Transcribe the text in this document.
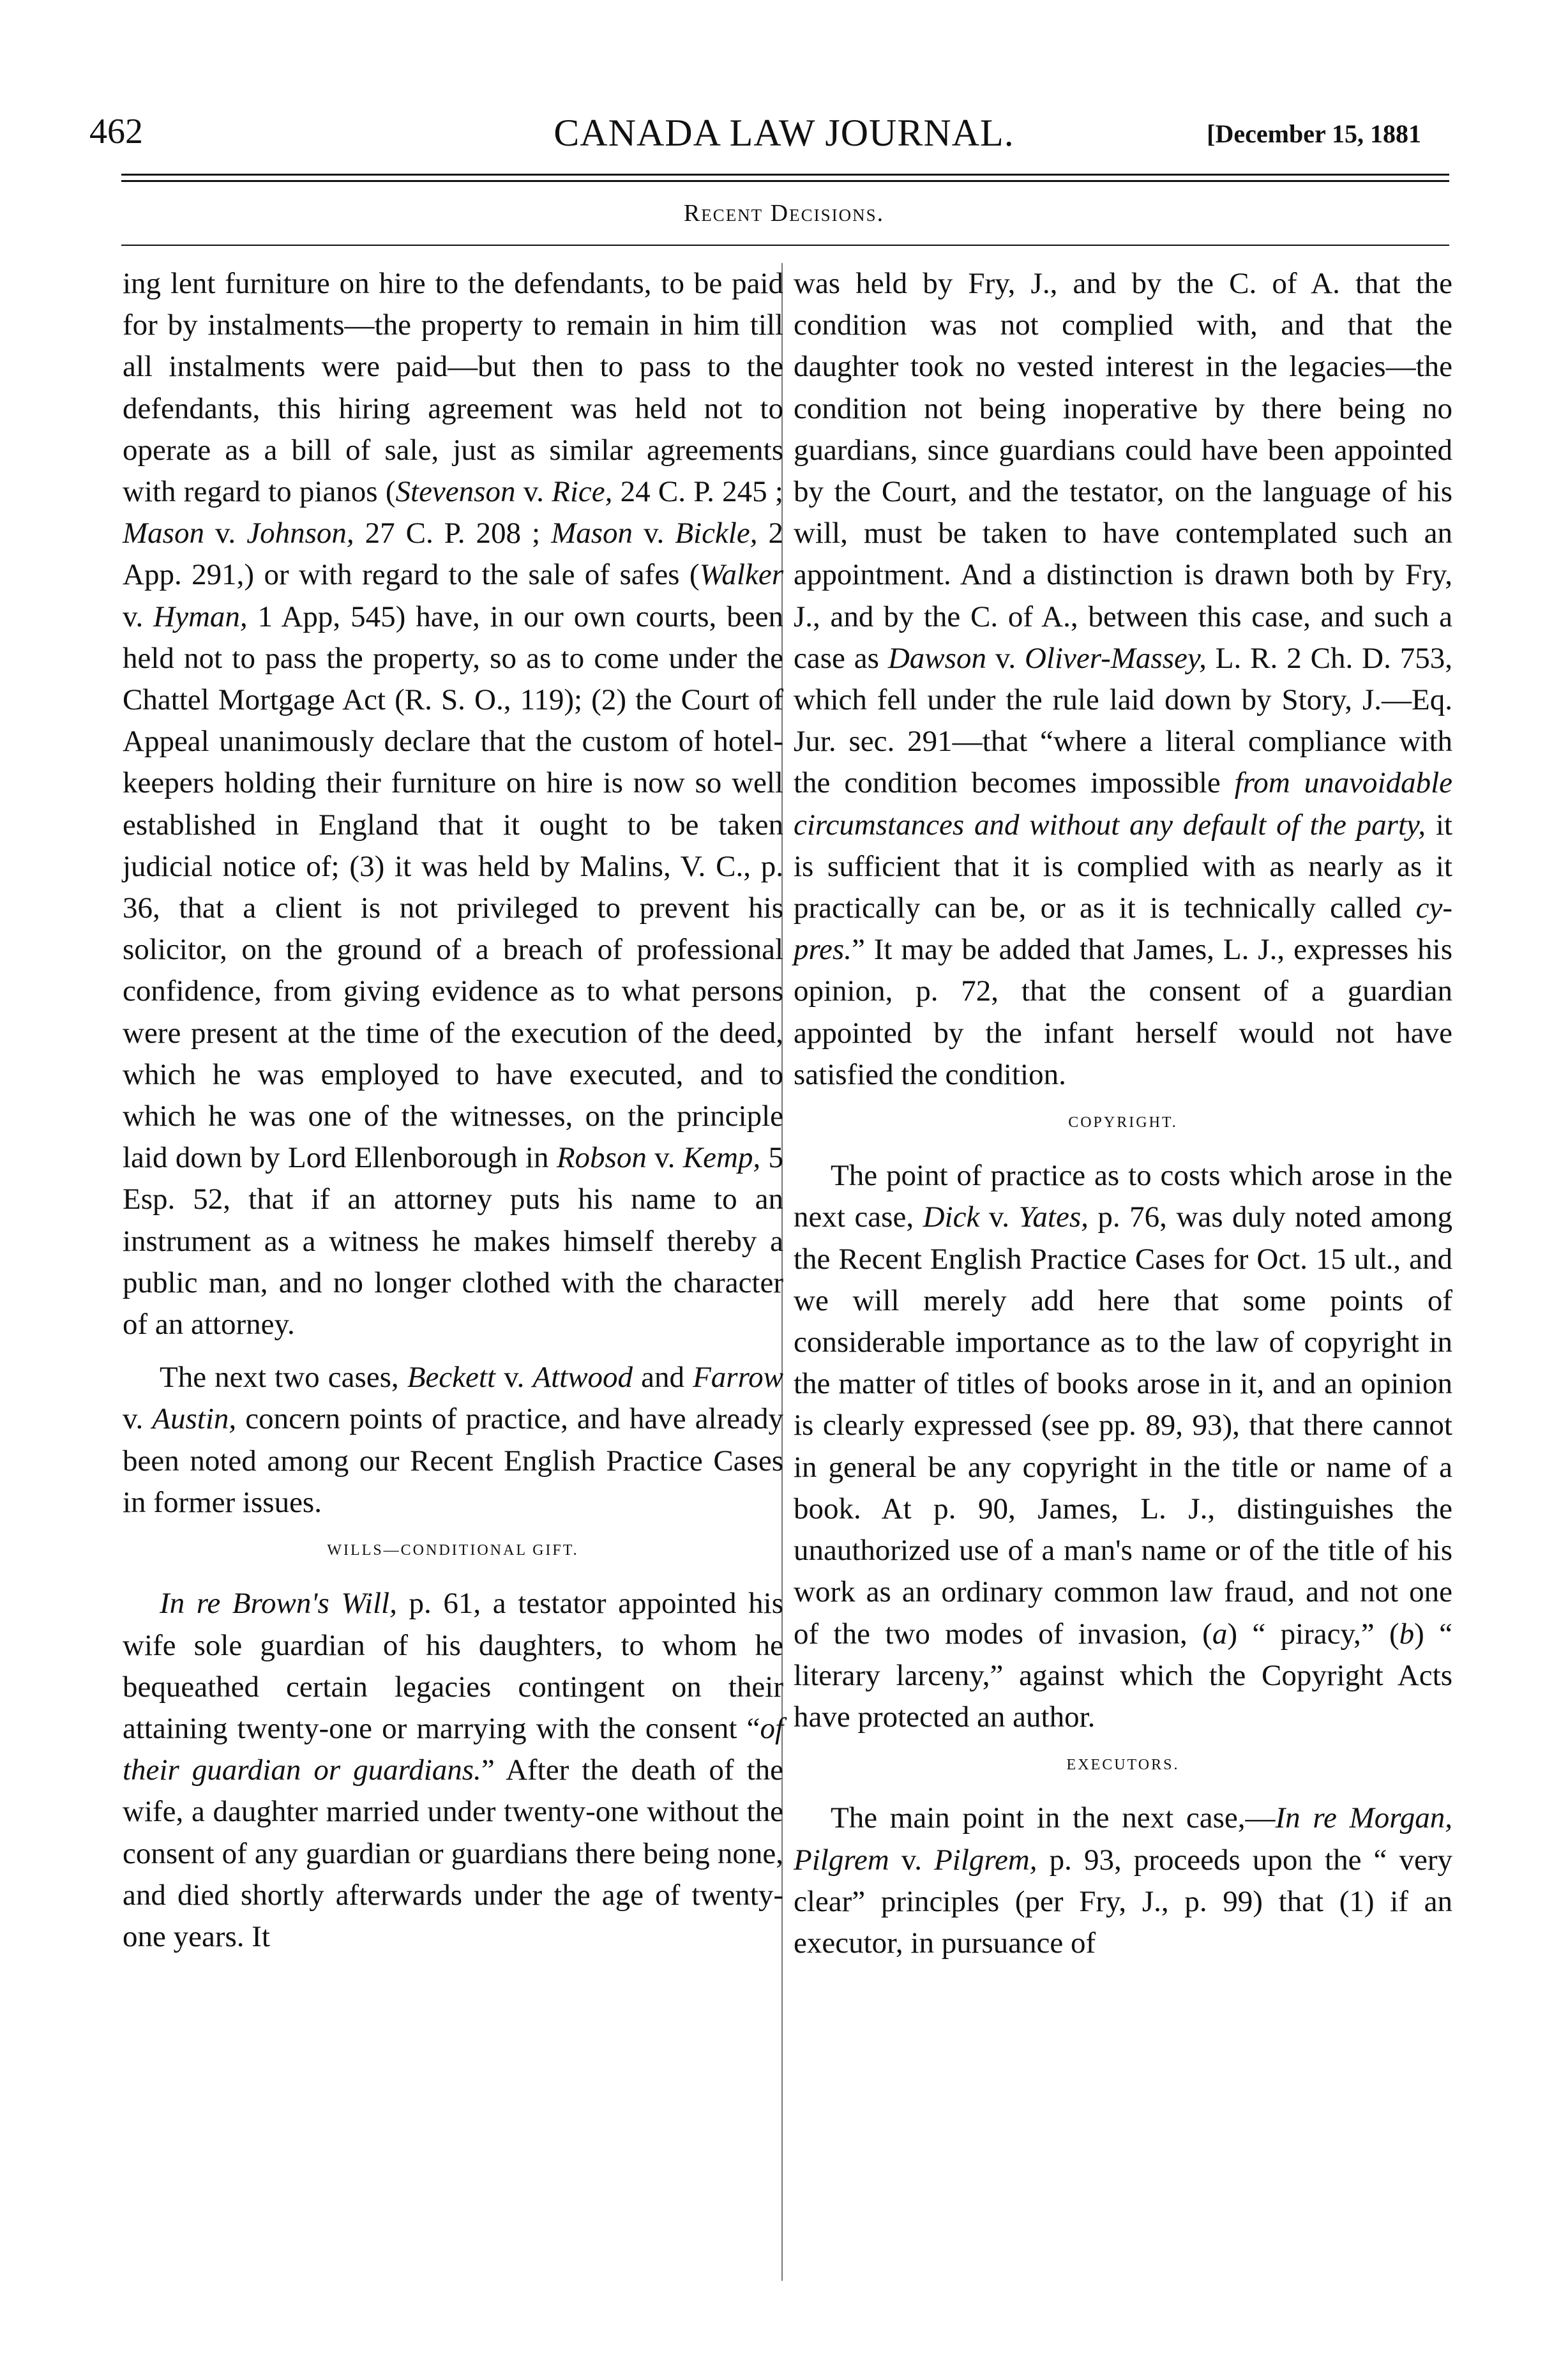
462	CANADA LAW JOURNAL.	[December 15, 1881
Recent Decisions.

ing lent furniture on hire to the defendants, to be paid for by instalments—the property to remain in him till all instalments were paid—but then to pass to the defendants, this hiring agreement was held not to operate as a bill of sale, just as similar agreements with regard to pianos (Stevenson v. Rice, 24 C. P. 245 ; Mason v. Johnson, 27 C. P. 208 ; Mason v. Bickle, 2 App. 291,) or with regard to the sale of safes (Walker v. Hyman, 1 App, 545) have, in our own courts, been held not to pass the property, so as to come under the Chattel Mortgage Act (R. S. O., 119); (2) the Court of Appeal unanimously declare that the custom of hotel-keepers holding their furniture on hire is now so well established in England that it ought to be taken judicial notice of; (3) it was held by Malins, V. C., p. 36, that a client is not privileged to prevent his solicitor, on the ground of a breach of professional confidence, from giving evidence as to what persons were present at the time of the execution of the deed, which he was employed to have executed, and to which he was one of the witnesses, on the principle laid down by Lord Ellenborough in Robson v. Kemp, 5 Esp. 52, that if an attorney puts his name to an instrument as a witness he makes himself thereby a public man, and no longer clothed with the character of an attorney.

The next two cases, Beckett v. Attwood and Farrow v. Austin, concern points of practice, and have already been noted among our Recent English Practice Cases in former issues.

WILLS—CONDITIONAL GIFT.

In re Brown's Will, p. 61, a testator appointed his wife sole guardian of his daughters, to whom he bequeathed certain legacies contingent on their attaining twenty-one or marrying with the consent “of their guardian or guardians.” After the death of the wife, a daughter married under twenty-one without the consent of any guardian or guardians there being none, and died shortly afterwards under the age of twenty-one years. It

was held by Fry, J., and by the C. of A. that the condition was not complied with, and that the daughter took no vested interest in the legacies—the condition not being inoperative by there being no guardians, since guardians could have been appointed by the Court, and the testator, on the language of his will, must be taken to have contemplated such an appointment. And a distinction is drawn both by Fry, J., and by the C. of A., between this case, and such a case as Dawson v. Oliver-Massey, L. R. 2 Ch. D. 753, which fell under the rule laid down by Story, J.—Eq. Jur. sec. 291—that “where a literal compliance with the condition becomes impossible from unavoidable circumstances and without any default of the party, it is sufficient that it is complied with as nearly as it practically can be, or as it is technically called cy-pres.” It may be added that James, L. J., expresses his opinion, p. 72, that the consent of a guardian appointed by the infant herself would not have satisfied the condition.

COPYRIGHT.

The point of practice as to costs which arose in the next case, Dick v. Yates, p. 76, was duly noted among the Recent English Practice Cases for Oct. 15 ult., and we will merely add here that some points of considerable importance as to the law of copyright in the matter of titles of books arose in it, and an opinion is clearly expressed (see pp. 89, 93), that there cannot in general be any copyright in the title or name of a book. At p. 90, James, L. J., distinguishes the unauthorized use of a man's name or of the title of his work as an ordinary common law fraud, and not one of the two modes of invasion, (a) “ piracy,” (b) “ literary larceny,” against which the Copyright Acts have protected an author.

EXECUTORS.

The main point in the next case,—In re Morgan, Pilgrem v. Pilgrem, p. 93, proceeds upon the “ very clear” principles (per Fry, J., p. 99) that (1) if an executor, in pursuance of
